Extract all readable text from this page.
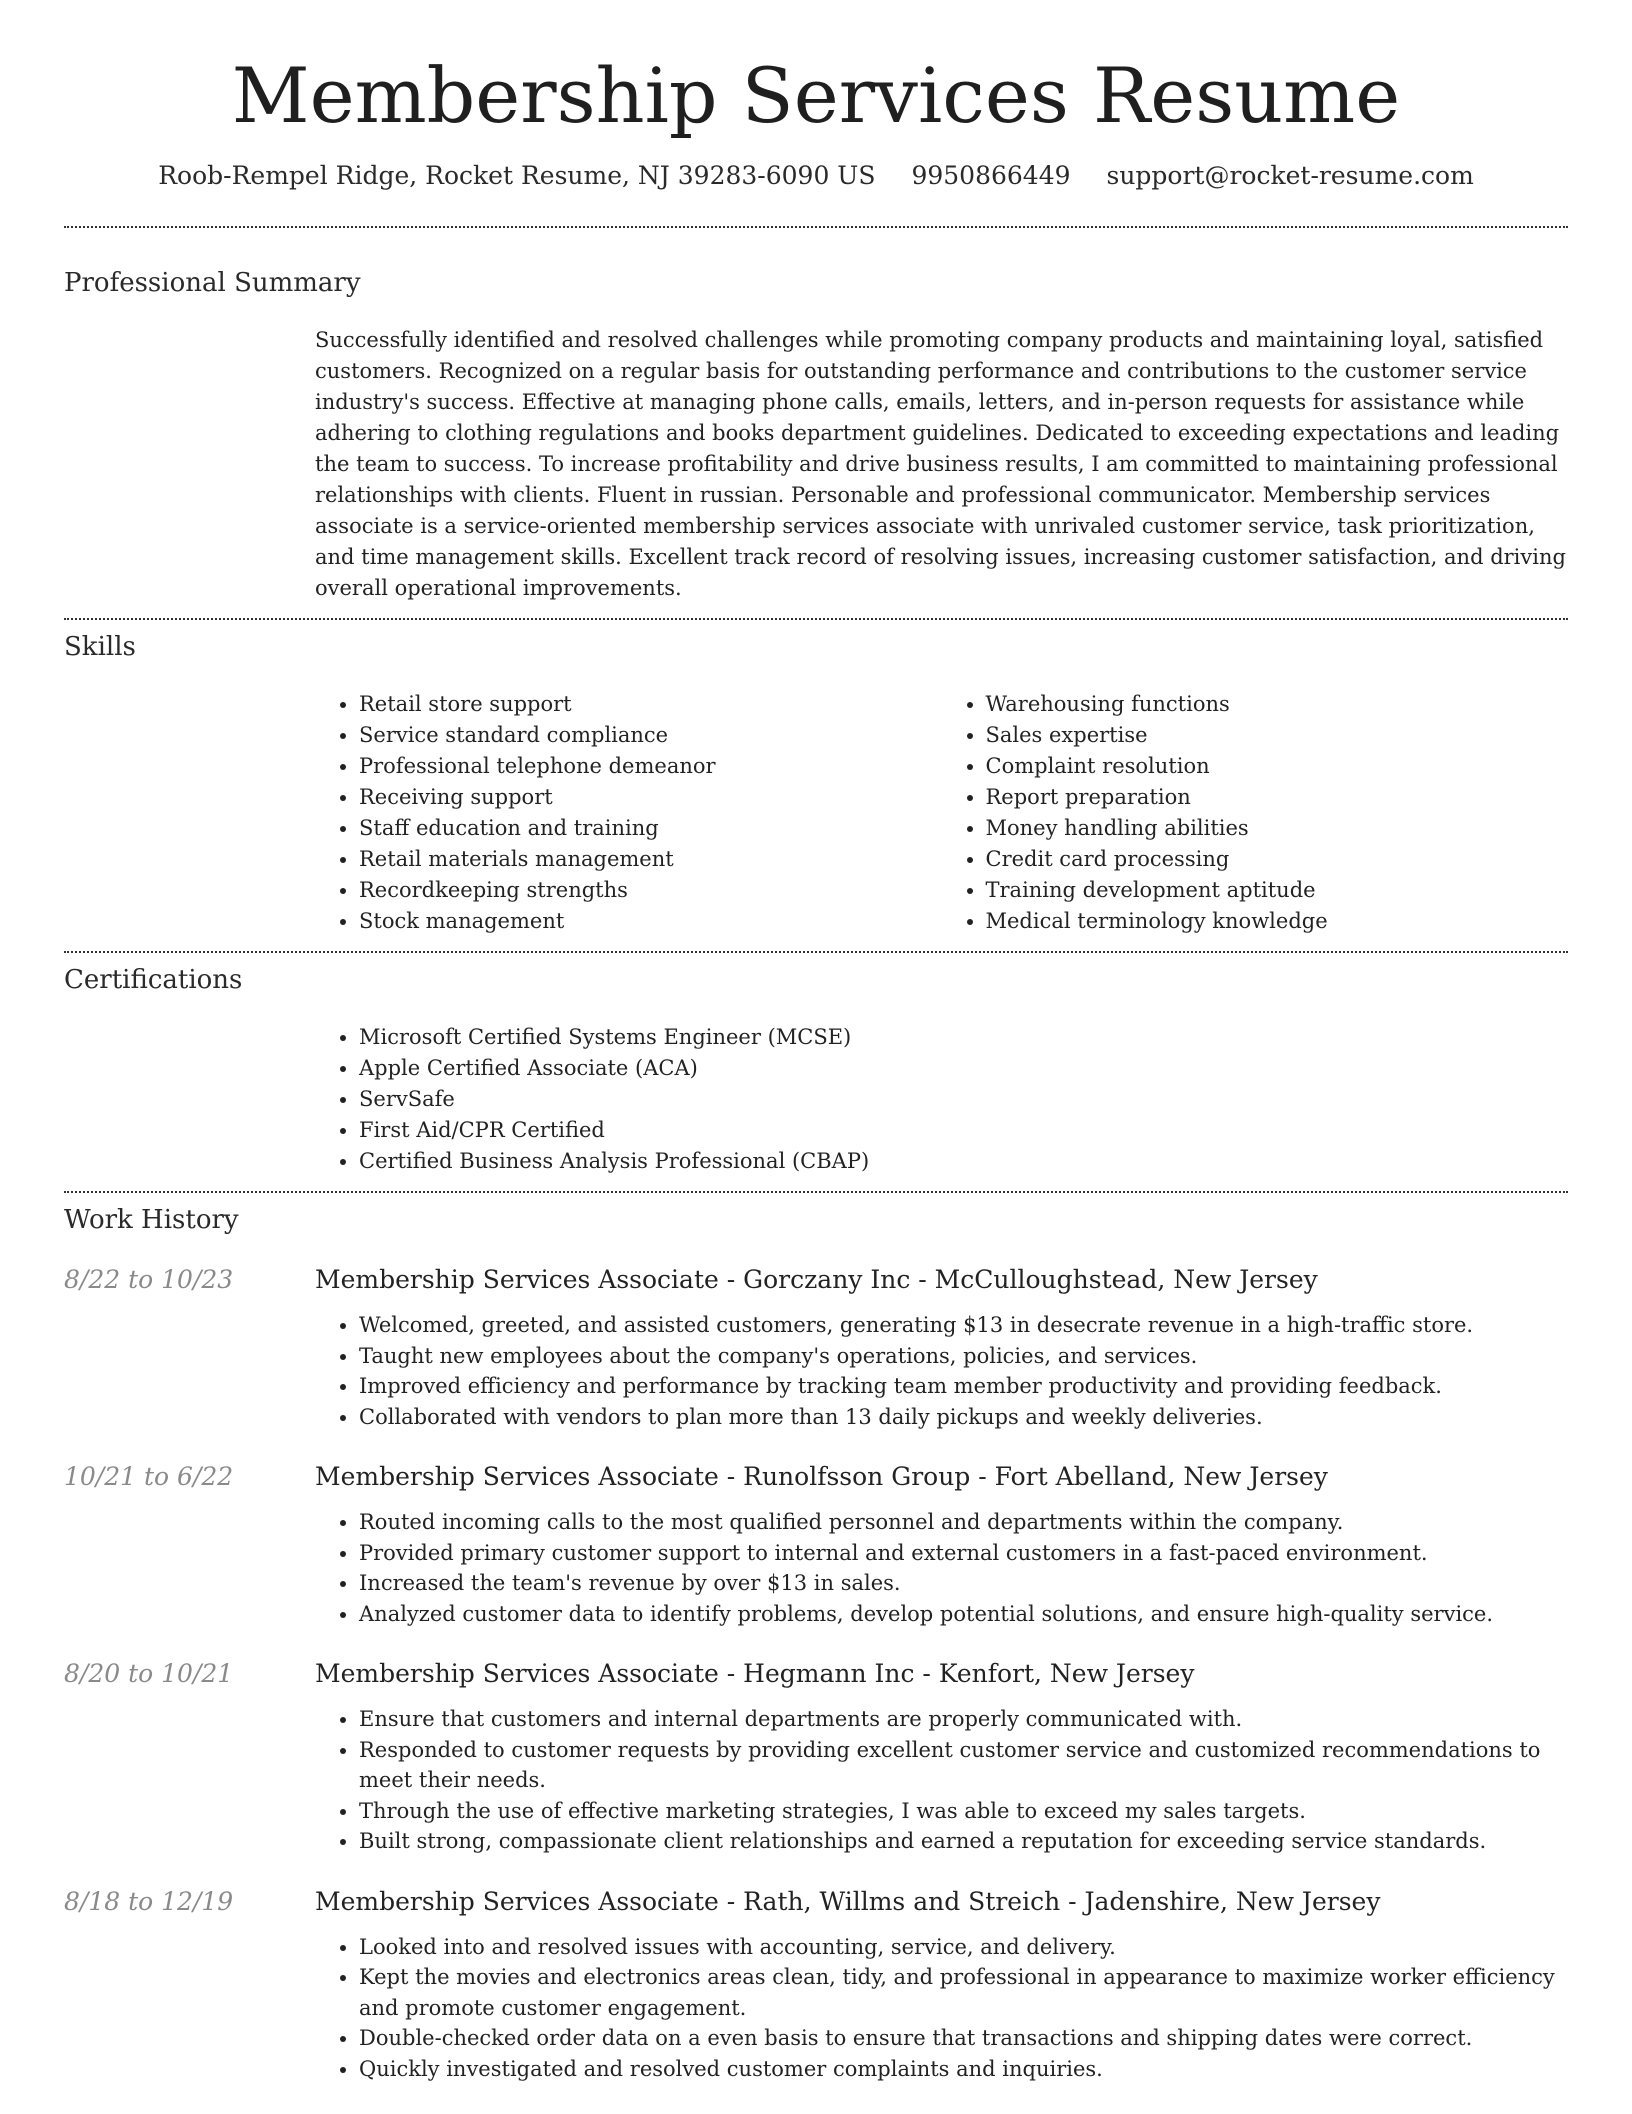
Membership Services Resume
Roob-Rempel Ridge, Rocket Resume, NJ 39283-6090 US 9950866449 support@rocket-resume.com
Professional Summary
Successfully identified and resolved challenges while promoting company products and maintaining loyal, satisfied customers. Recognized on a regular basis for outstanding performance and contributions to the customer service industry's success. Effective at managing phone calls, emails, letters, and in-person requests for assistance while adhering to clothing regulations and books department guidelines. Dedicated to exceeding expectations and leading the team to success. To increase profitability and drive business results, I am committed to maintaining professional relationships with clients. Fluent in russian. Personable and professional communicator. Membership services associate is a service-oriented membership services associate with unrivaled customer service, task prioritization, and time management skills. Excellent track record of resolving issues, increasing customer satisfaction, and driving overall operational improvements.
Skills
• Retail store support
• Service standard compliance
• Professional telephone demeanor
• Receiving support
• Staff education and training
• Retail materials management
• Recordkeeping strengths
• Stock management
• Warehousing functions
• Sales expertise
• Complaint resolution
• Report preparation
• Money handling abilities
• Credit card processing
• Training development aptitude
• Medical terminology knowledge
Certifications
• Microsoft Certified Systems Engineer (MCSE)
• Apple Certified Associate (ACA)
• ServSafe
• First Aid/CPR Certified
• Certified Business Analysis Professional (CBAP)
Work History
8/22 to 10/23	Membership Services Associate - Gorczany Inc - McCulloughstead, New Jersey
• Welcomed, greeted, and assisted customers, generating $13 in desecrate revenue in a high-traffic store.
• Taught new employees about the company's operations, policies, and services.
• Improved efficiency and performance by tracking team member productivity and providing feedback.
• Collaborated with vendors to plan more than 13 daily pickups and weekly deliveries.
10/21 to 6/22	Membership Services Associate - Runolfsson Group - Fort Abelland, New Jersey
• Routed incoming calls to the most qualified personnel and departments within the company.
• Provided primary customer support to internal and external customers in a fast-paced environment.
• Increased the team's revenue by over $13 in sales.
• Analyzed customer data to identify problems, develop potential solutions, and ensure high-quality service.
8/20 to 10/21	Membership Services Associate - Hegmann Inc - Kenfort, New Jersey
• Ensure that customers and internal departments are properly communicated with.
• Responded to customer requests by providing excellent customer service and customized recommendations to meet their needs.
• Through the use of effective marketing strategies, I was able to exceed my sales targets.
• Built strong, compassionate client relationships and earned a reputation for exceeding service standards.
8/18 to 12/19	Membership Services Associate - Rath, Willms and Streich - Jadenshire, New Jersey
• Looked into and resolved issues with accounting, service, and delivery.
• Kept the movies and electronics areas clean, tidy, and professional in appearance to maximize worker efficiency and promote customer engagement.
• Double-checked order data on a even basis to ensure that transactions and shipping dates were correct.
• Quickly investigated and resolved customer complaints and inquiries.
